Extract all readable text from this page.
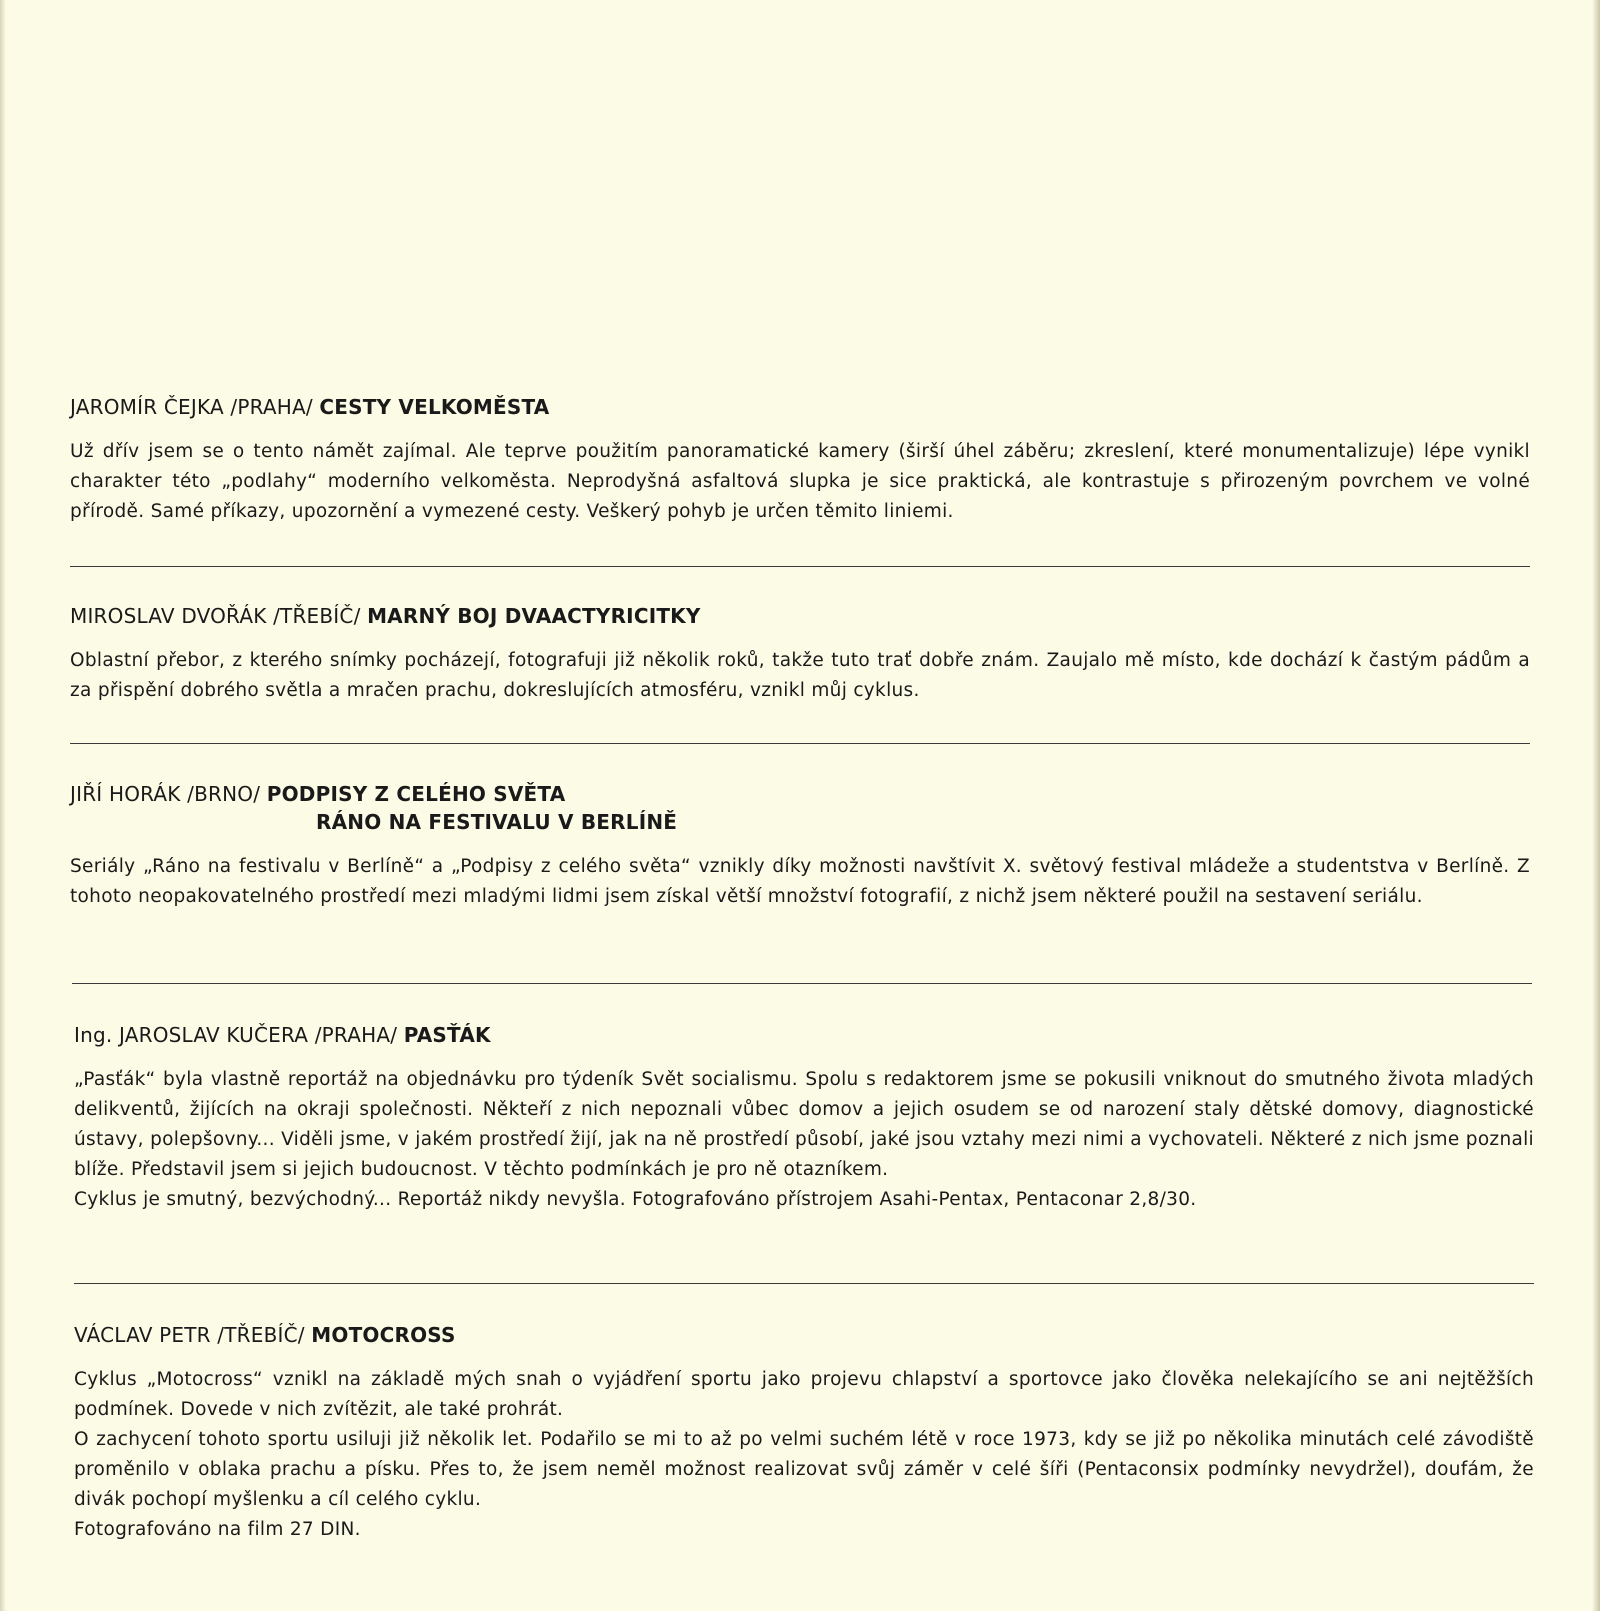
JAROMÍR ČEJKA /PRAHA/ CESTY VELKOMĚSTA

Už dřív jsem se o tento námět zajímal. Ale teprve použitím panoramatické kamery (širší úhel záběru; zkreslení, které monumentalizuje) lépe vynikl charakter této „podlahy“ moderního velkoměsta. Neprodyšná asfaltová slupka je sice praktická, ale kontrastuje s přirozeným povrchem ve volné přírodě. Samé příkazy, upozornění a vymezené cesty. Veškerý pohyb je určen těmito liniemi.

MIROSLAV DVOŘÁK /TŘEBÍČ/ MARNÝ BOJ DVAACTYRICITKY

Oblastní přebor, z kterého snímky pocházejí, fotografuji již několik roků, takže tuto trať dobře znám. Zaujalo mě místo, kde dochází k častým pádům a za přispění dobrého světla a mračen prachu, dokreslujících atmosféru, vznikl můj cyklus.

JIŘÍ HORÁK /BRNO/ PODPISY Z CELÉHO SVĚTA
RÁNO NA FESTIVALU V BERLÍNĚ

Seriály „Ráno na festivalu v Berlíně“ a „Podpisy z celého světa“ vznikly díky možnosti navštívit X. světový festival mládeže a studentstva v Berlíně. Z tohoto neopakovatelného prostředí mezi mladými lidmi jsem získal větší množství fotografií, z nichž jsem některé použil na sestavení seriálu.

Ing. JAROSLAV KUČERA /PRAHA/ PASŤÁK

„Pasťák“ byla vlastně reportáž na objednávku pro týdeník Svět socialismu. Spolu s redaktorem jsme se pokusili vniknout do smutného života mladých delikventů, žijících na okraji společnosti. Někteří z nich nepoznali vůbec domov a jejich osudem se od narození staly dětské domovy, diagnostické ústavy, polepšovny... Viděli jsme, v jakém prostředí žijí, jak na ně prostředí působí, jaké jsou vztahy mezi nimi a vychovateli. Některé z nich jsme poznali blíže. Představil jsem si jejich budoucnost. V těchto podmínkách je pro ně otazníkem.

Cyklus je smutný, bezvýchodný... Reportáž nikdy nevyšla. Fotografováno přístrojem Asahi-Pentax, Pentaconar 2,8/30.

VÁCLAV PETR /TŘEBÍČ/ MOTOCROSS

Cyklus „Motocross“ vznikl na základě mých snah o vyjádření sportu jako projevu chlapství a sportovce jako člověka nelekajícího se ani nejtěžších podmínek. Dovede v nich zvítězit, ale také prohrát.

O zachycení tohoto sportu usiluji již několik let. Podařilo se mi to až po velmi suchém létě v roce 1973, kdy se již po několika minutách celé závodiště proměnilo v oblaka prachu a písku. Přes to, že jsem neměl možnost realizovat svůj záměr v celé šíři (Pentaconsix podmínky nevydržel), doufám, že divák pochopí myšlenku a cíl celého cyklu.

Fotografováno na film 27 DIN.
